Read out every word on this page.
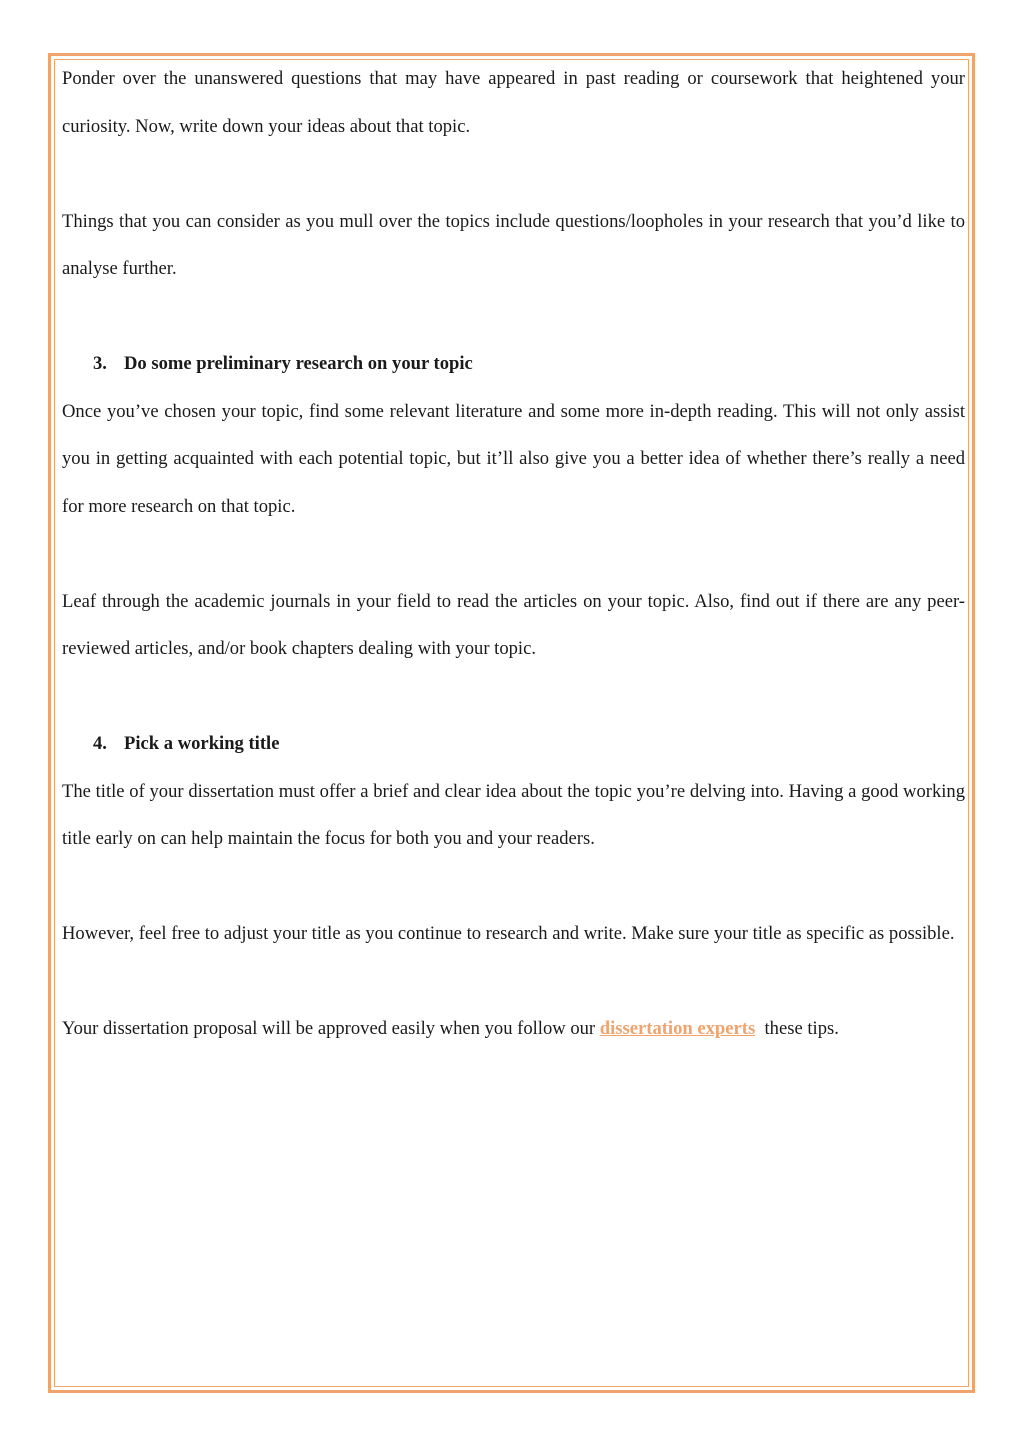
Ponder over the unanswered questions that may have appeared in past reading or coursework that heightened your curiosity. Now, write down your ideas about that topic.

Things that you can consider as you mull over the topics include questions/loopholes in your research that you’d like to analyse further.

3. Do some preliminary research on your topic

Once you’ve chosen your topic, find some relevant literature and some more in-depth reading. This will not only assist you in getting acquainted with each potential topic, but it’ll also give you a better idea of whether there’s really a need for more research on that topic.

Leaf through the academic journals in your field to read the articles on your topic. Also, find out if there are any peer-reviewed articles, and/or book chapters dealing with your topic.

4. Pick a working title

The title of your dissertation must offer a brief and clear idea about the topic you’re delving into. Having a good working title early on can help maintain the focus for both you and your readers.

However, feel free to adjust your title as you continue to research and write. Make sure your title as specific as possible.

Your dissertation proposal will be approved easily when you follow our dissertation experts  these tips.
